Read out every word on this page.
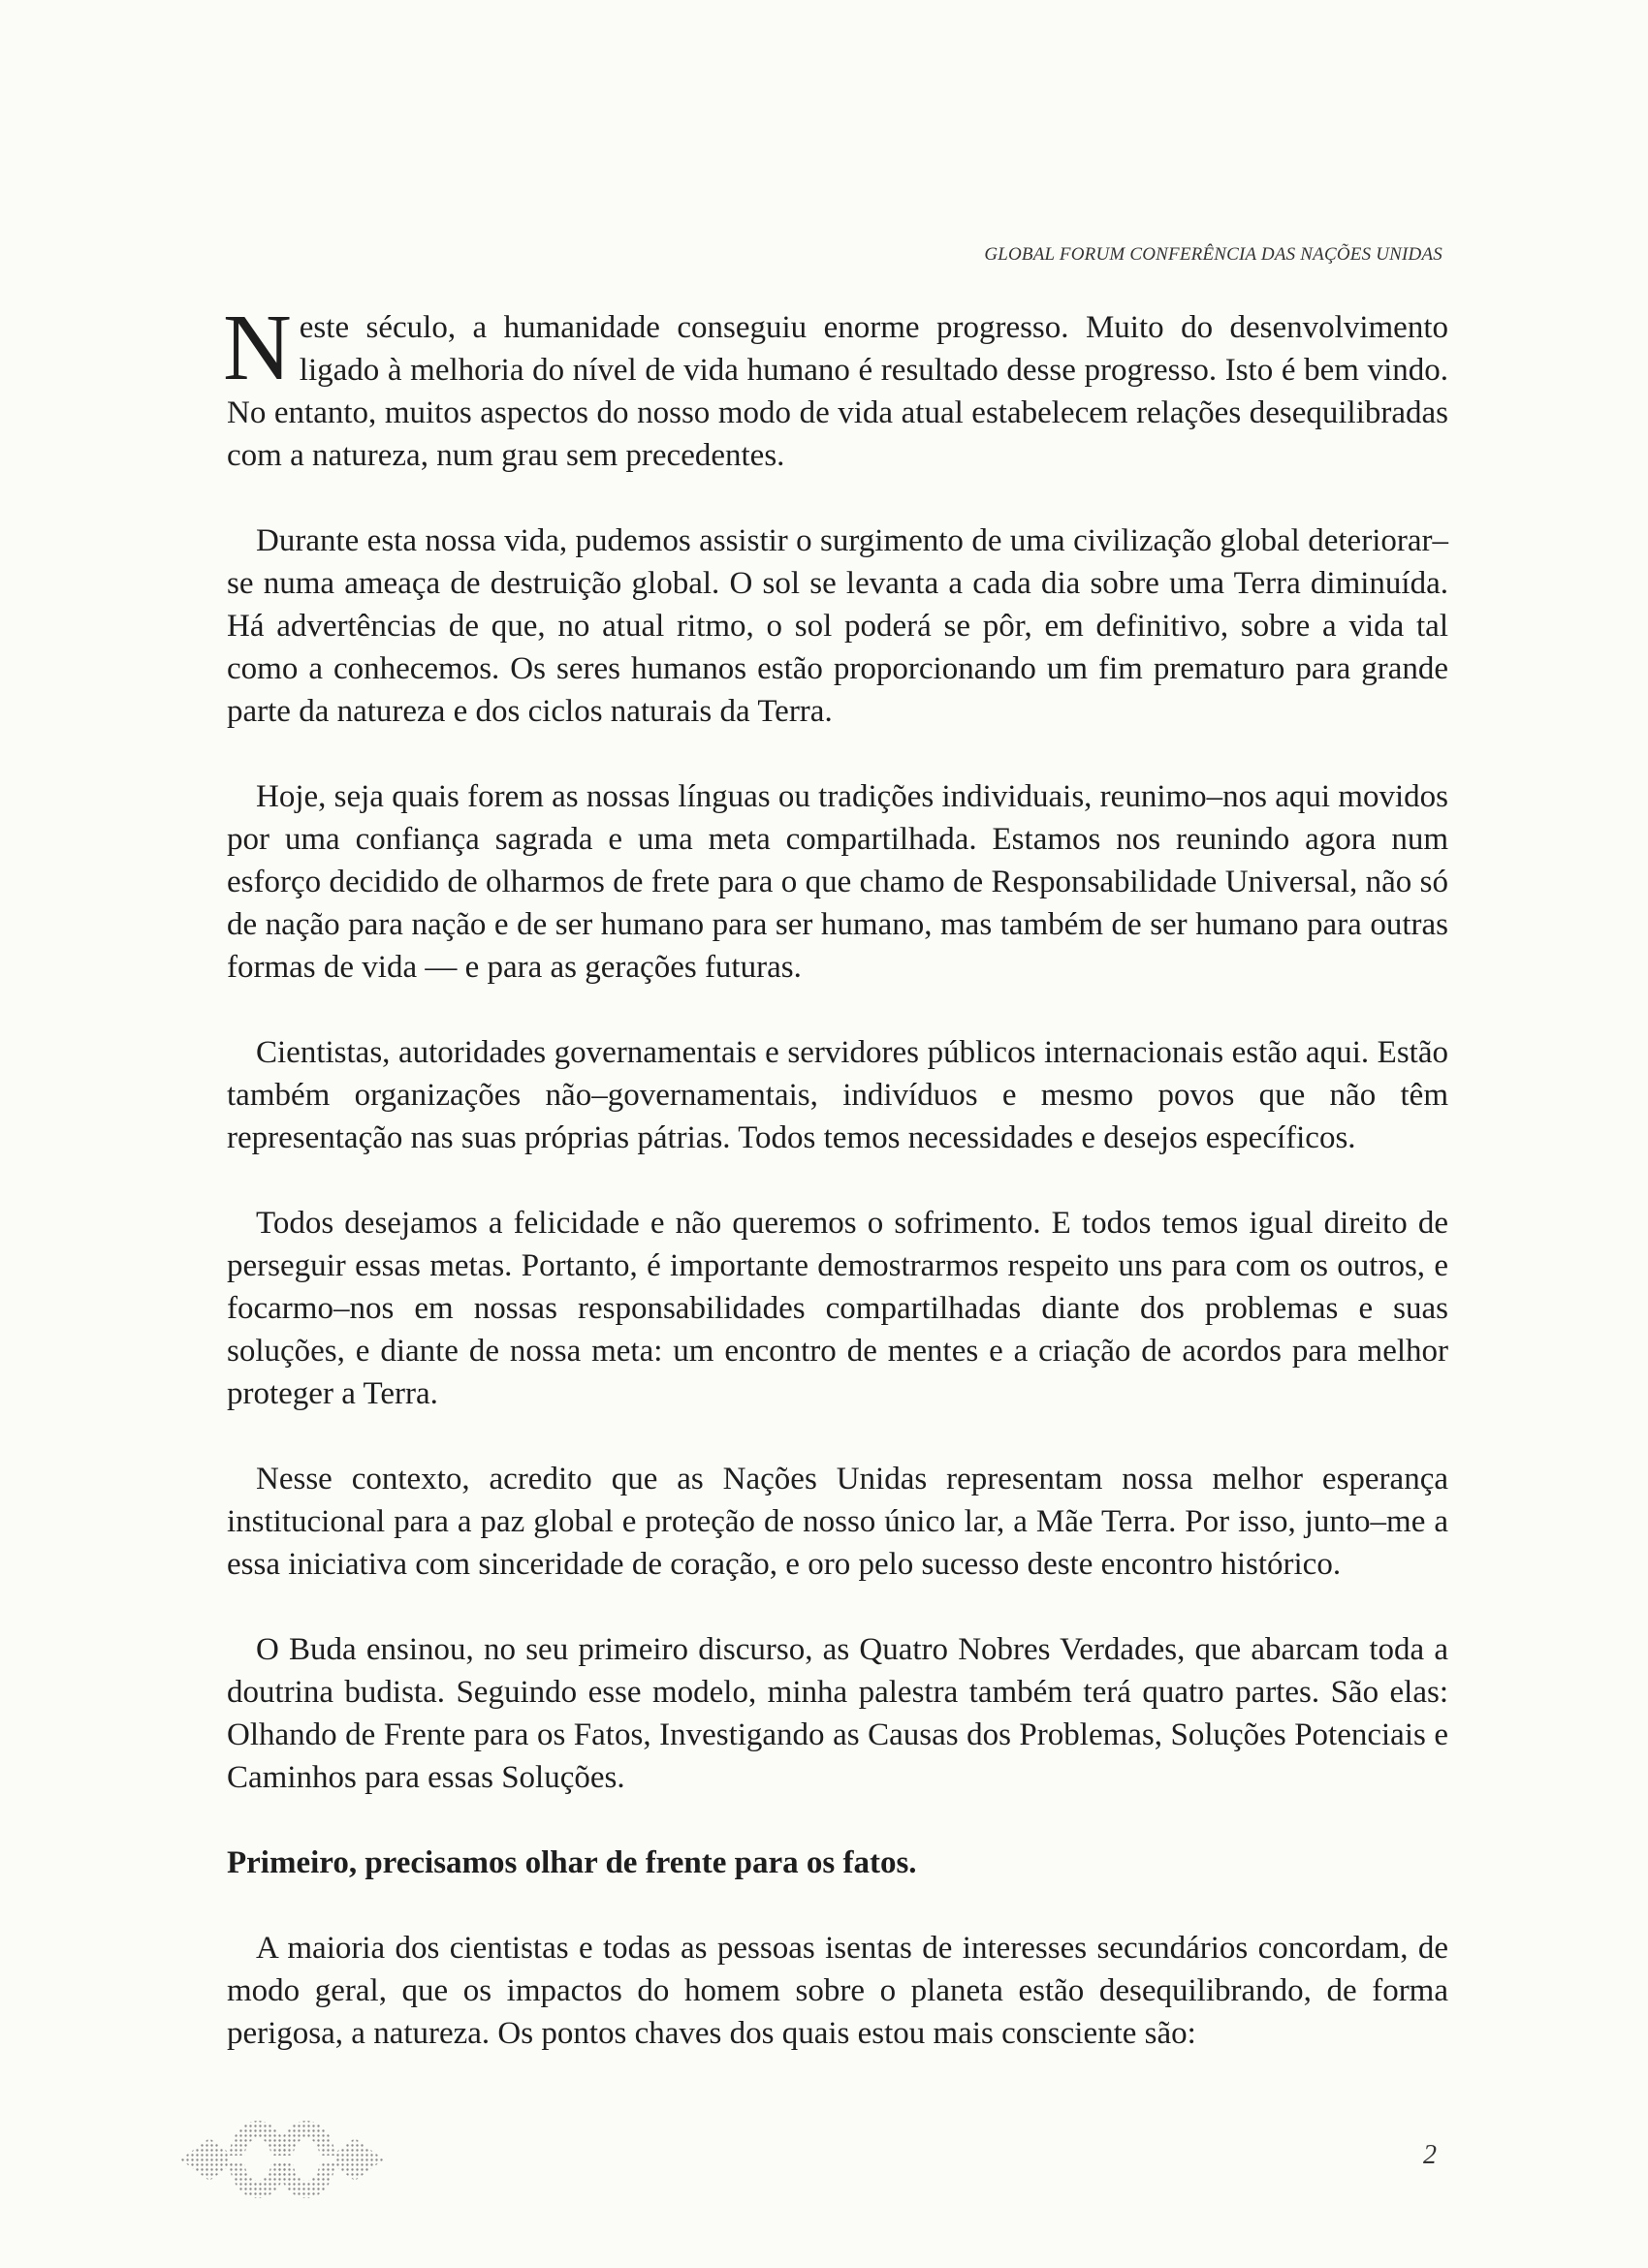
GLOBAL FORUM CONFERÊNCIA DAS NAÇÕES UNIDAS

Neste século, a humanidade conseguiu enorme progresso. Muito do desenvolvimento ligado à melhoria do nível de vida humano é resultado desse progresso. Isto é bem vindo. No entanto, muitos aspectos do nosso modo de vida atual estabelecem relações desequilibradas com a natureza, num grau sem precedentes.

Durante esta nossa vida, pudemos assistir o surgimento de uma civilização global deteriorar–se numa ameaça de destruição global. O sol se levanta a cada dia sobre uma Terra diminuída. Há advertências de que, no atual ritmo, o sol poderá se pôr, em definitivo, sobre a vida tal como a conhecemos. Os seres humanos estão proporcionando um fim prematuro para grande parte da natureza e dos ciclos naturais da Terra.

Hoje, seja quais forem as nossas línguas ou tradições individuais, reunimo–nos aqui movidos por uma confiança sagrada e uma meta compartilhada. Estamos nos reunindo agora num esforço decidido de olharmos de frete para o que chamo de Responsabilidade Universal, não só de nação para nação e de ser humano para ser humano, mas também de ser humano para outras formas de vida — e para as gerações futuras.

Cientistas, autoridades governamentais e servidores públicos internacionais estão aqui. Estão também organizações não–governamentais, indivíduos e mesmo povos que não têm representação nas suas próprias pátrias. Todos temos necessidades e desejos específicos.

Todos desejamos a felicidade e não queremos o sofrimento. E todos temos igual direito de perseguir essas metas. Portanto, é importante demostrarmos respeito uns para com os outros, e focarmo–nos em nossas responsabilidades compartilhadas diante dos problemas e suas soluções, e diante de nossa meta: um encontro de mentes e a criação de acordos para melhor proteger a Terra.

Nesse contexto, acredito que as Nações Unidas representam nossa melhor esperança institucional para a paz global e proteção de nosso único lar, a Mãe Terra. Por isso, junto–me a essa iniciativa com sinceridade de coração, e oro pelo sucesso deste encontro histórico.

O Buda ensinou, no seu primeiro discurso, as Quatro Nobres Verdades, que abarcam toda a doutrina budista. Seguindo esse modelo, minha palestra também terá quatro partes. São elas: Olhando de Frente para os Fatos, Investigando as Causas dos Problemas, Soluções Potenciais e Caminhos para essas Soluções.

Primeiro, precisamos olhar de frente para os fatos.

A maioria dos cientistas e todas as pessoas isentas de interesses secundários concordam, de modo geral, que os impactos do homem sobre o planeta estão desequilibrando, de forma perigosa, a natureza. Os pontos chaves dos quais estou mais consciente são:

2
